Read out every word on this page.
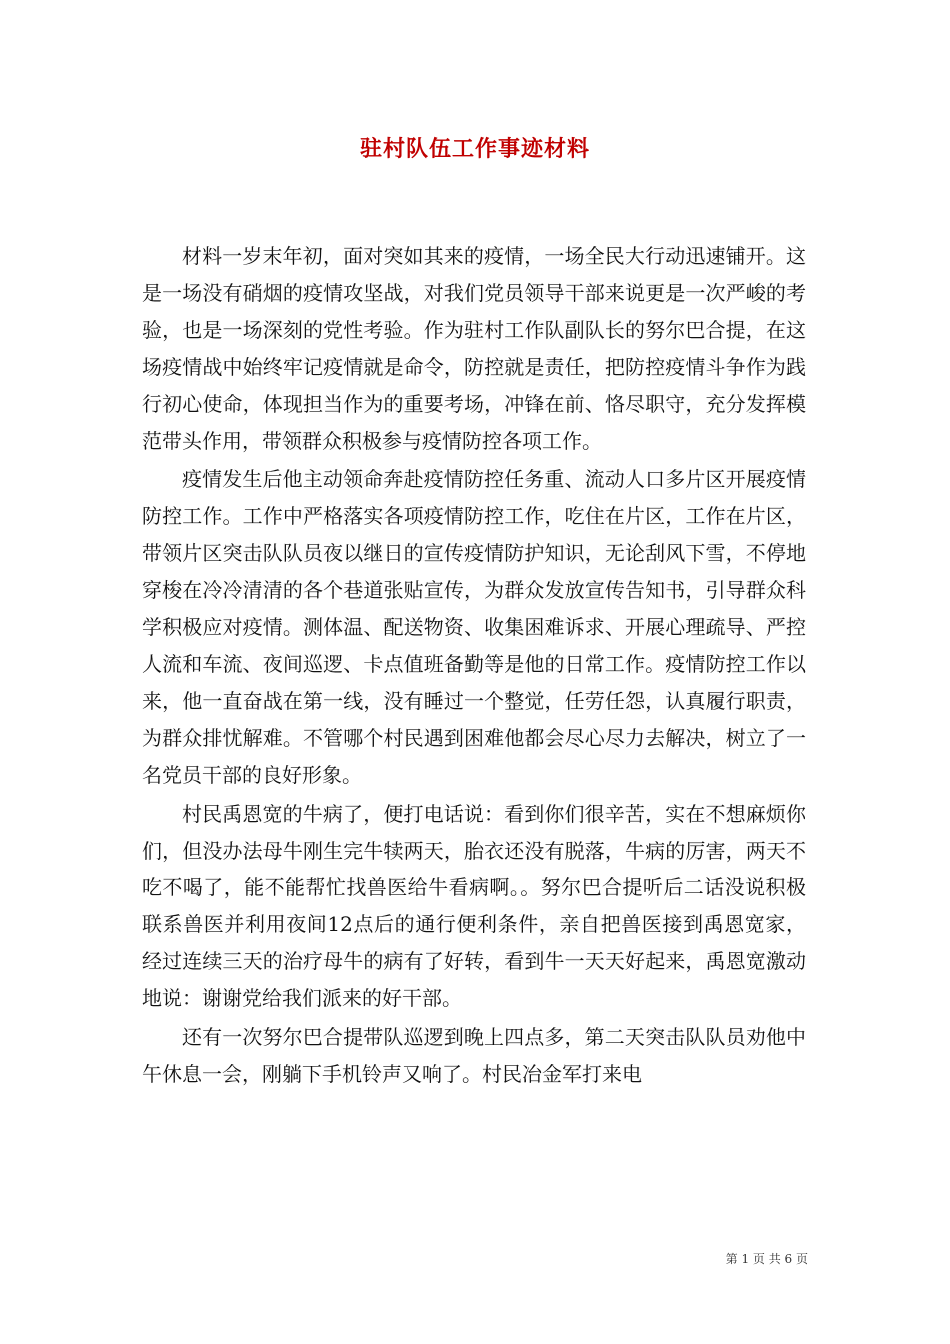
驻村队伍工作事迹材料

材料一岁末年初，面对突如其来的疫情，一场全民大行动迅速铺开。这是一场没有硝烟的疫情攻坚战，对我们党员领导干部来说更是一次严峻的考验，也是一场深刻的党性考验。作为驻村工作队副队长的努尔巴合提，在这场疫情战中始终牢记疫情就是命令，防控就是责任，把防控疫情斗争作为践行初心使命，体现担当作为的重要考场，冲锋在前、恪尽职守，充分发挥模范带头作用，带领群众积极参与疫情防控各项工作。

疫情发生后他主动领命奔赴疫情防控任务重、流动人口多片区开展疫情防控工作。工作中严格落实各项疫情防控工作，吃住在片区，工作在片区，带领片区突击队队员夜以继日的宣传疫情防护知识，无论刮风下雪，不停地穿梭在冷冷清清的各个巷道张贴宣传，为群众发放宣传告知书，引导群众科学积极应对疫情。测体温、配送物资、收集困难诉求、开展心理疏导、严控人流和车流、夜间巡逻、卡点值班备勤等是他的日常工作。疫情防控工作以来，他一直奋战在第一线，没有睡过一个整觉，任劳任怨，认真履行职责，为群众排忧解难。不管哪个村民遇到困难他都会尽心尽力去解决，树立了一名党员干部的良好形象。

村民禹恩宽的牛病了，便打电话说：看到你们很辛苦，实在不想麻烦你们，但没办法母牛刚生完牛犊两天，胎衣还没有脱落，牛病的厉害，两天不吃不喝了，能不能帮忙找兽医给牛看病啊。。努尔巴合提听后二话没说积极联系兽医并利用夜间12点后的通行便利条件，亲自把兽医接到禹恩宽家，经过连续三天的治疗母牛的病有了好转，看到牛一天天好起来，禹恩宽激动地说：谢谢党给我们派来的好干部。

还有一次努尔巴合提带队巡逻到晚上四点多，第二天突击队队员劝他中午休息一会，刚躺下手机铃声又响了。村民冶金军打来电

第 1 页 共 6 页
